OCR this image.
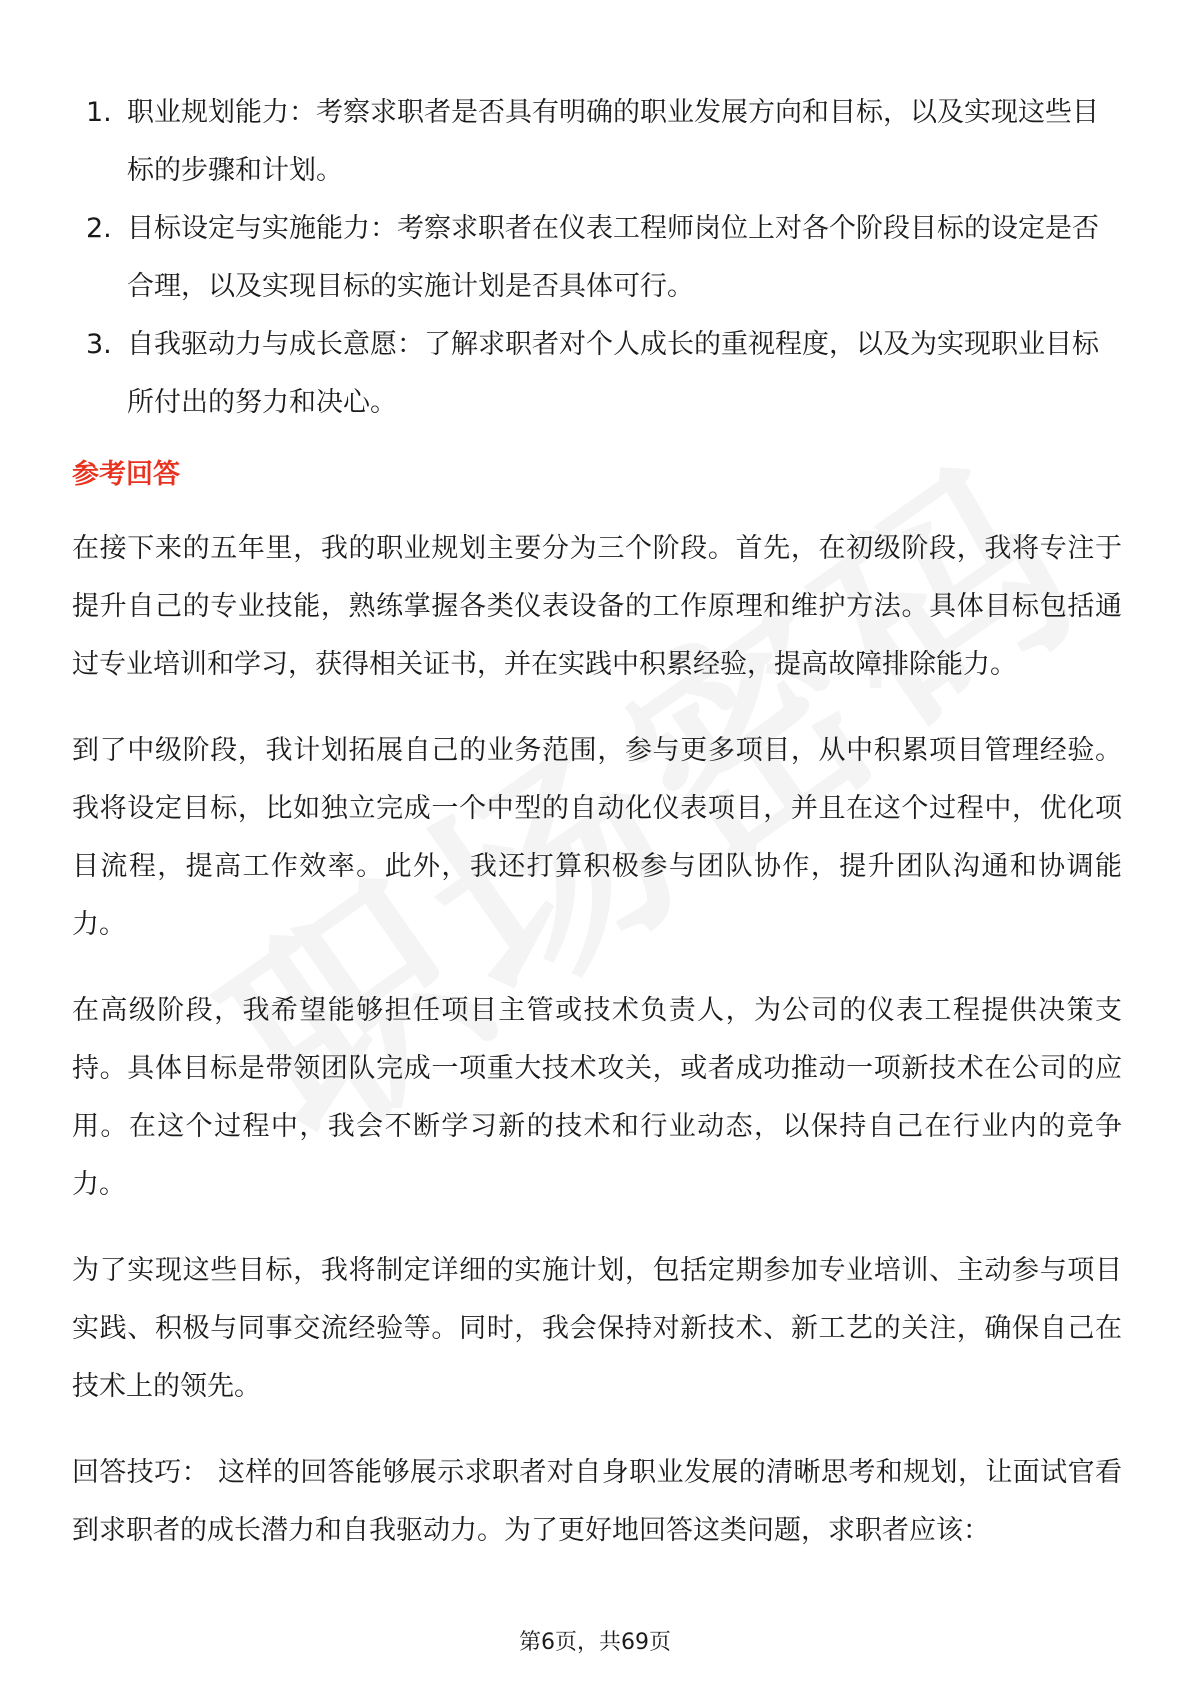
1. 职业规划能力：考察求职者是否具有明确的职业发展方向和目标，以及实现这些目标的步骤和计划。
2. 目标设定与实施能力：考察求职者在仪表工程师岗位上对各个阶段目标的设定是否合理，以及实现目标的实施计划是否具体可行。
3. 自我驱动力与成长意愿：了解求职者对个人成长的重视程度，以及为实现职业目标所付出的努力和决心。
参考回答

在接下来的五年里，我的职业规划主要分为三个阶段。首先，在初级阶段，我将专注于提升自己的专业技能，熟练掌握各类仪表设备的工作原理和维护方法。具体目标包括通过专业培训和学习，获得相关证书，并在实践中积累经验，提高故障排除能力。

到了中级阶段，我计划拓展自己的业务范围，参与更多项目，从中积累项目管理经验。我将设定目标，比如独立完成一个中型的自动化仪表项目，并且在这个过程中，优化项目流程，提高工作效率。此外，我还打算积极参与团队协作，提升团队沟通和协调能力。

在高级阶段，我希望能够担任项目主管或技术负责人，为公司的仪表工程提供决策支持。具体目标是带领团队完成一项重大技术攻关，或者成功推动一项新技术在公司的应用。在这个过程中，我会不断学习新的技术和行业动态，以保持自己在行业内的竞争力。

为了实现这些目标，我将制定详细的实施计划，包括定期参加专业培训、主动参与项目实践、积极与同事交流经验等。同时，我会保持对新技术、新工艺的关注，确保自己在技术上的领先。

回答技巧： 这样的回答能够展示求职者对自身职业发展的清晰思考和规划，让面试官看到求职者的成长潜力和自我驱动力。为了更好地回答这类问题，求职者应该：

第6页，共69页
